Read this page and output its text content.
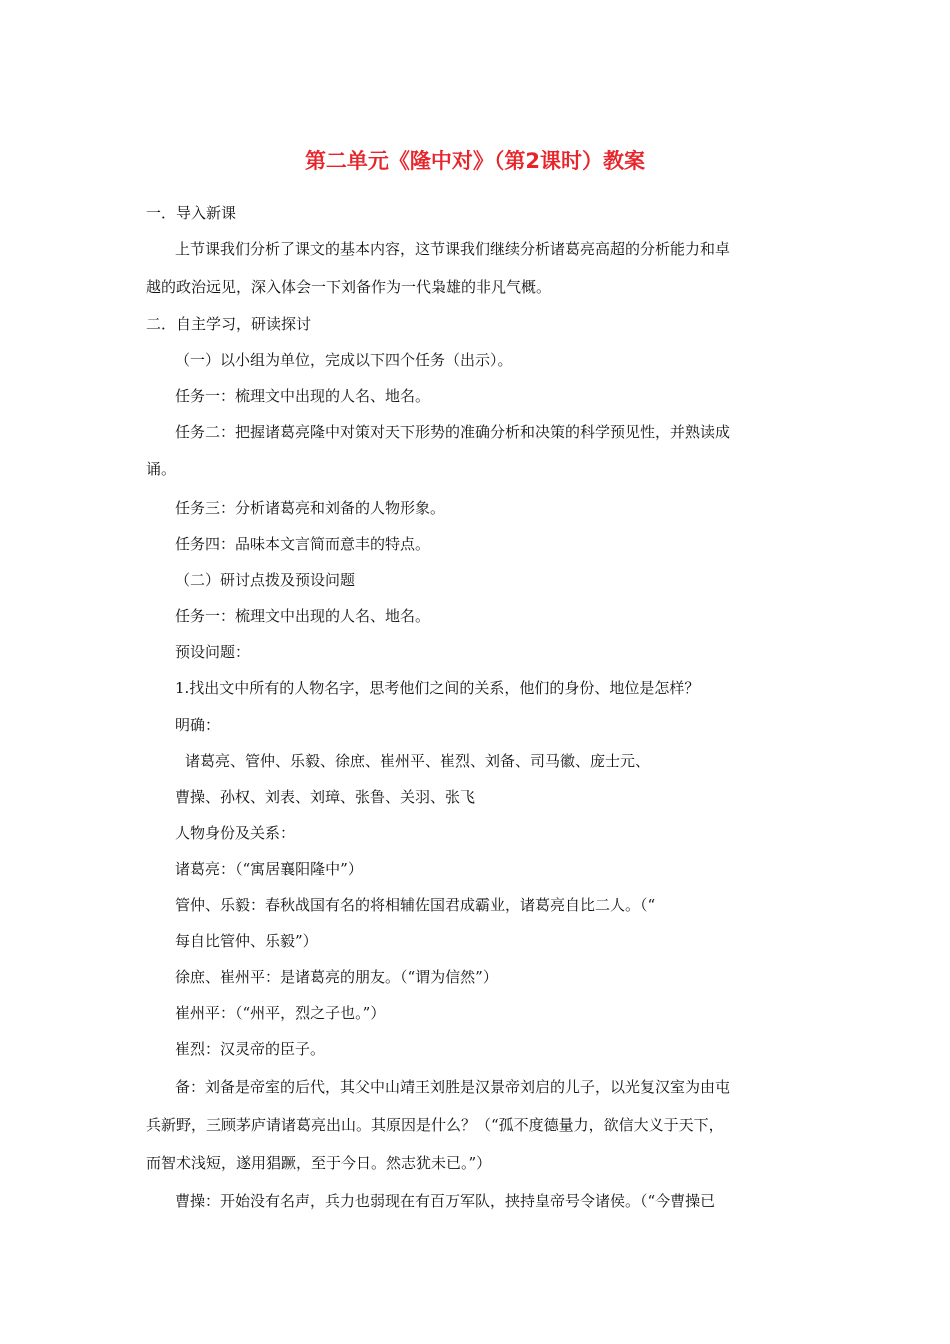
第二单元《隆中对》（第2课时）教案
一．导入新课
上节课我们分析了课文的基本内容，这节课我们继续分析诸葛亮高超的分析能力和卓
越的政治远见，深入体会一下刘备作为一代枭雄的非凡气概。
二．自主学习，研读探讨
（一）以小组为单位，完成以下四个任务（出示）。
任务一：梳理文中出现的人名、地名。
任务二：把握诸葛亮隆中对策对天下形势的准确分析和决策的科学预见性，并熟读成
诵。
任务三：分析诸葛亮和刘备的人物形象。
任务四：品味本文言简而意丰的特点。
（二）研讨点拨及预设问题
任务一：梳理文中出现的人名、地名。
预设问题：
1.找出文中所有的人物名字，思考他们之间的关系，他们的身份、地位是怎样？
明确：
诸葛亮、管仲、乐毅、徐庶、崔州平、崔烈、刘备、司马徽、庞士元、
曹操、孙权、刘表、刘璋、张鲁、关羽、张飞
人物身份及关系：
诸葛亮：（“寓居襄阳隆中”）
管仲、乐毅：春秋战国有名的将相辅佐国君成霸业，诸葛亮自比二人。（“
每自比管仲、乐毅”）
徐庶、崔州平：是诸葛亮的朋友。（“谓为信然”）
崔州平：（“州平，烈之子也。”）
崔烈：汉灵帝的臣子。
备：刘备是帝室的后代，其父中山靖王刘胜是汉景帝刘启的儿子，以光复汉室为由屯
兵新野，三顾茅庐请诸葛亮出山。其原因是什么？（“孤不度德量力，欲信大义于天下，
而智术浅短，遂用猖蹶，至于今日。然志犹未已。”）
曹操：开始没有名声，兵力也弱现在有百万军队，挟持皇帝号令诸侯。（“今曹操已
